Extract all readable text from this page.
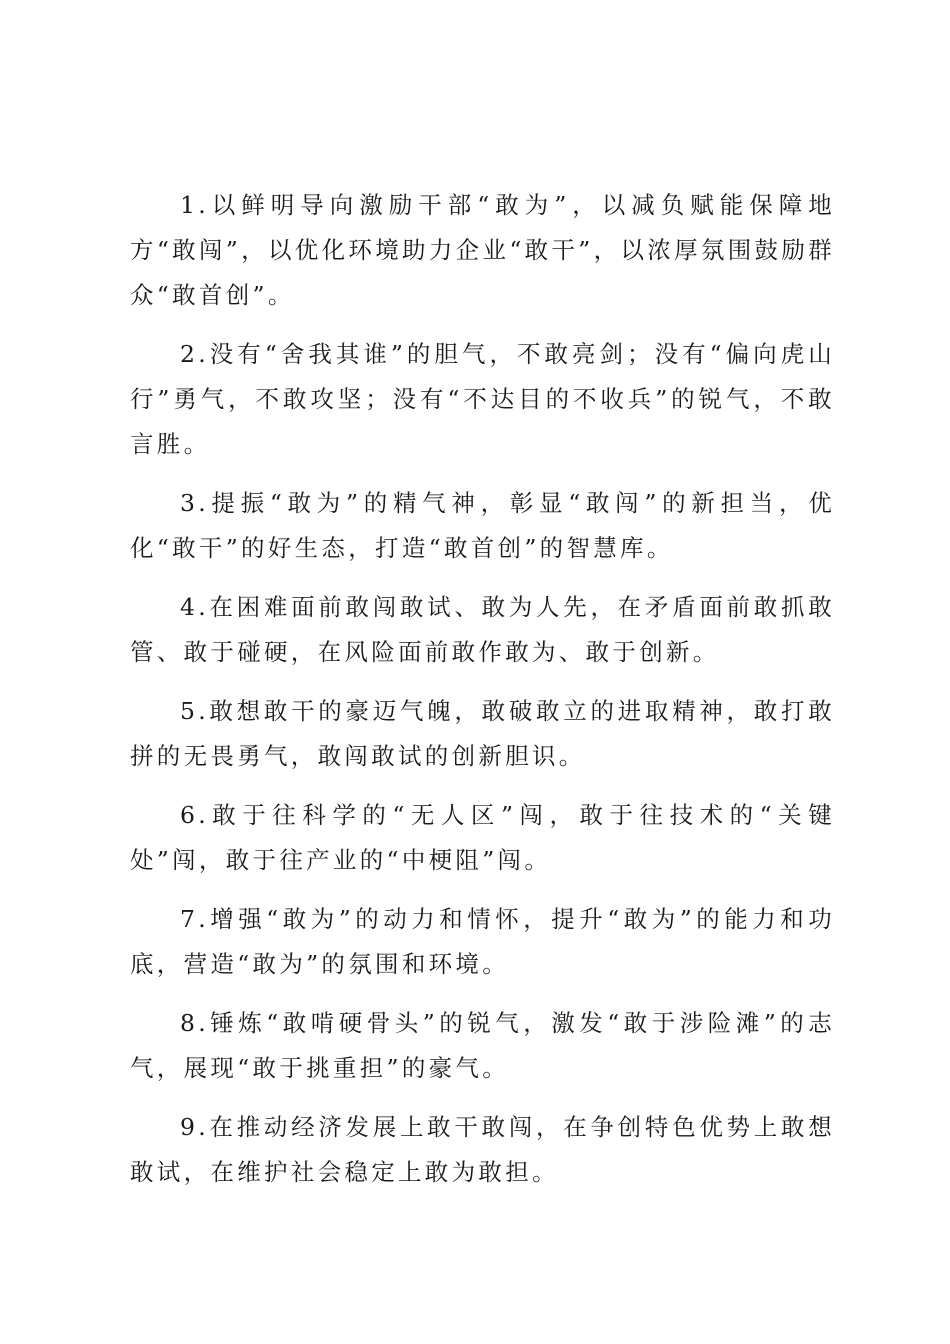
1.以鲜明导向激励干部“敢为”，以减负赋能保障地方“敢闯”，以优化环境助力企业“敢干”，以浓厚氛围鼓励群众“敢首创”。

2.没有“舍我其谁”的胆气，不敢亮剑；没有“偏向虎山行”勇气，不敢攻坚；没有“不达目的不收兵”的锐气，不敢言胜。

3.提振“敢为”的精气神，彰显“敢闯”的新担当，优化“敢干”的好生态，打造“敢首创”的智慧库。

4.在困难面前敢闯敢试、敢为人先，在矛盾面前敢抓敢管、敢于碰硬，在风险面前敢作敢为、敢于创新。

5.敢想敢干的豪迈气魄，敢破敢立的进取精神，敢打敢拼的无畏勇气，敢闯敢试的创新胆识。

6.敢于往科学的“无人区”闯，敢于往技术的“关键处”闯，敢于往产业的“中梗阻”闯。

7.增强“敢为”的动力和情怀，提升“敢为”的能力和功底，营造“敢为”的氛围和环境。

8.锤炼“敢啃硬骨头”的锐气，激发“敢于涉险滩”的志气，展现“敢于挑重担”的豪气。

9.在推动经济发展上敢干敢闯，在争创特色优势上敢想敢试，在维护社会稳定上敢为敢担。
